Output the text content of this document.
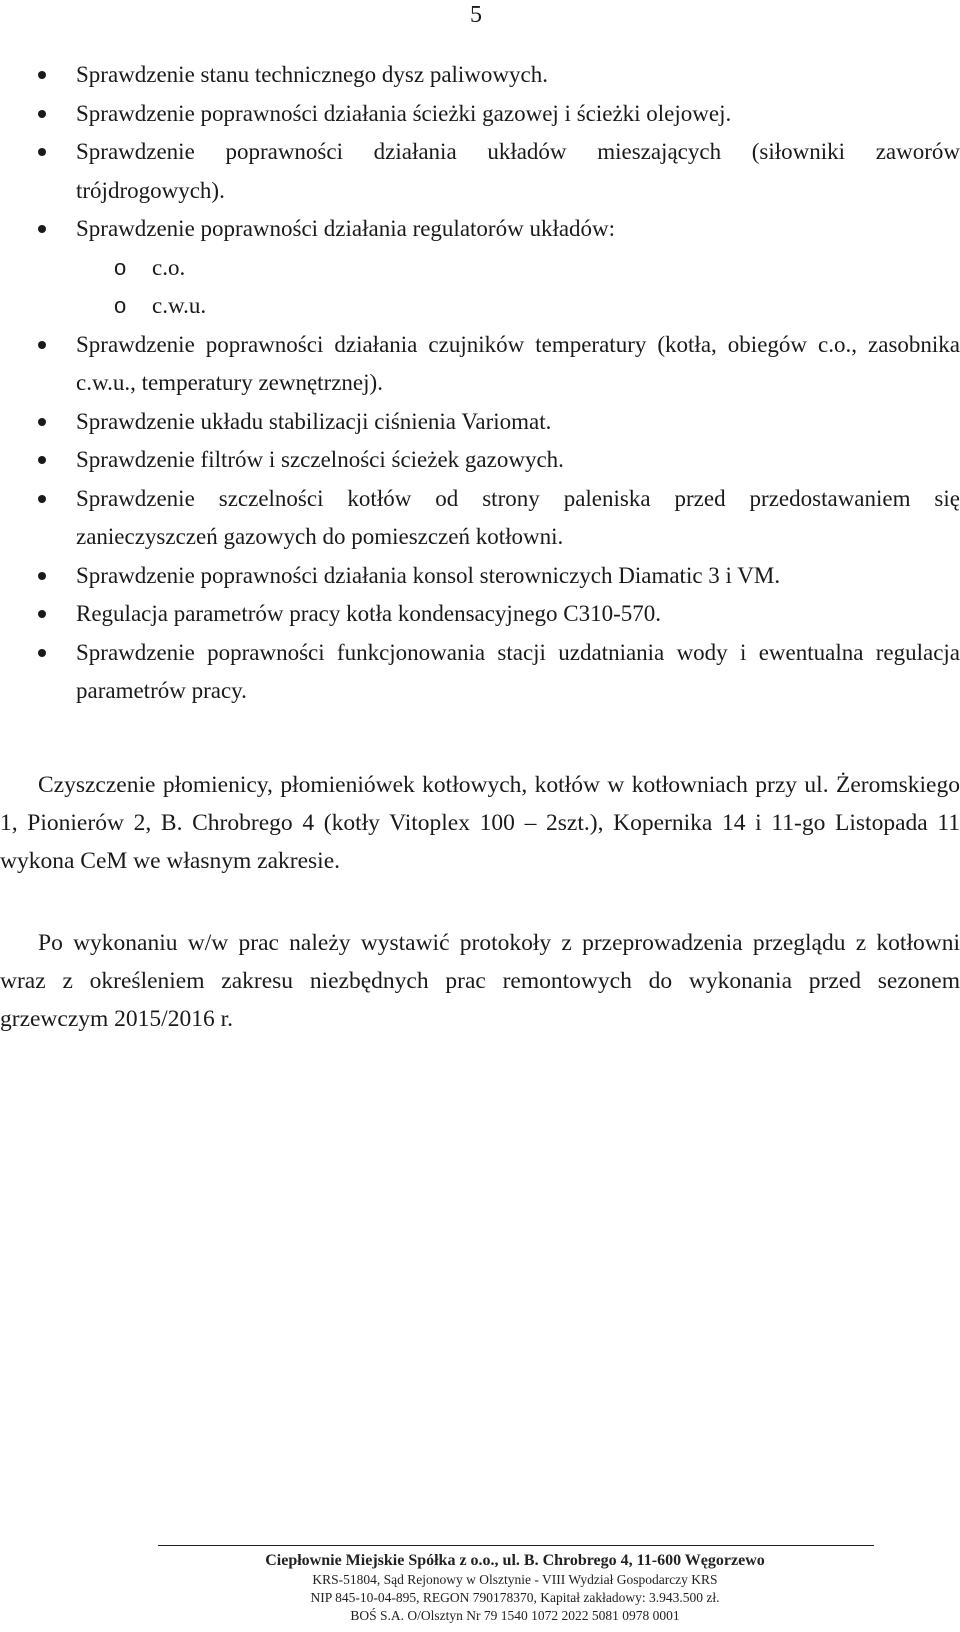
5
Sprawdzenie stanu technicznego dysz paliwowych.
Sprawdzenie poprawności działania ścieżki gazowej i ścieżki olejowej.
Sprawdzenie poprawności działania układów mieszających (siłowniki zaworów trójdrogowych).
Sprawdzenie poprawności działania regulatorów układów:
o c.o.
o c.w.u.
Sprawdzenie poprawności działania czujników temperatury (kotła, obiegów c.o., zasobnika c.w.u., temperatury zewnętrznej).
Sprawdzenie układu stabilizacji ciśnienia Variomat.
Sprawdzenie filtrów i szczelności ścieżek gazowych.
Sprawdzenie szczelności kotłów od strony paleniska przed przedostawaniem się zanieczyszczeń gazowych do pomieszczeń kotłowni.
Sprawdzenie poprawności działania konsol sterowniczych Diamatic 3 i VM.
Regulacja parametrów pracy kotła kondensacyjnego C310-570.
Sprawdzenie poprawności funkcjonowania stacji uzdatniania wody i ewentualna regulacja parametrów pracy.

Czyszczenie płomienicy, płomieniówek kotłowych, kotłów w kotłowniach przy ul. Żeromskiego 1, Pionierów 2, B. Chrobrego 4 (kotły Vitoplex 100 – 2szt.), Kopernika 14 i 11-go Listopada 11 wykona CeM we własnym zakresie.

Po wykonaniu w/w prac należy wystawić protokoły z przeprowadzenia przeglądu z kotłowni wraz z określeniem zakresu niezbędnych prac remontowych do wykonania przed sezonem grzewczym 2015/2016 r.

Ciepłownie Miejskie Spółka z o.o., ul. B. Chrobrego 4, 11-600 Węgorzewo
KRS-51804, Sąd Rejonowy w Olsztynie - VIII Wydział Gospodarczy KRS
NIP 845-10-04-895, REGON 790178370, Kapitał zakładowy: 3.943.500 zł.
BOŚ S.A. O/Olsztyn Nr 79 1540 1072 2022 5081 0978 0001
